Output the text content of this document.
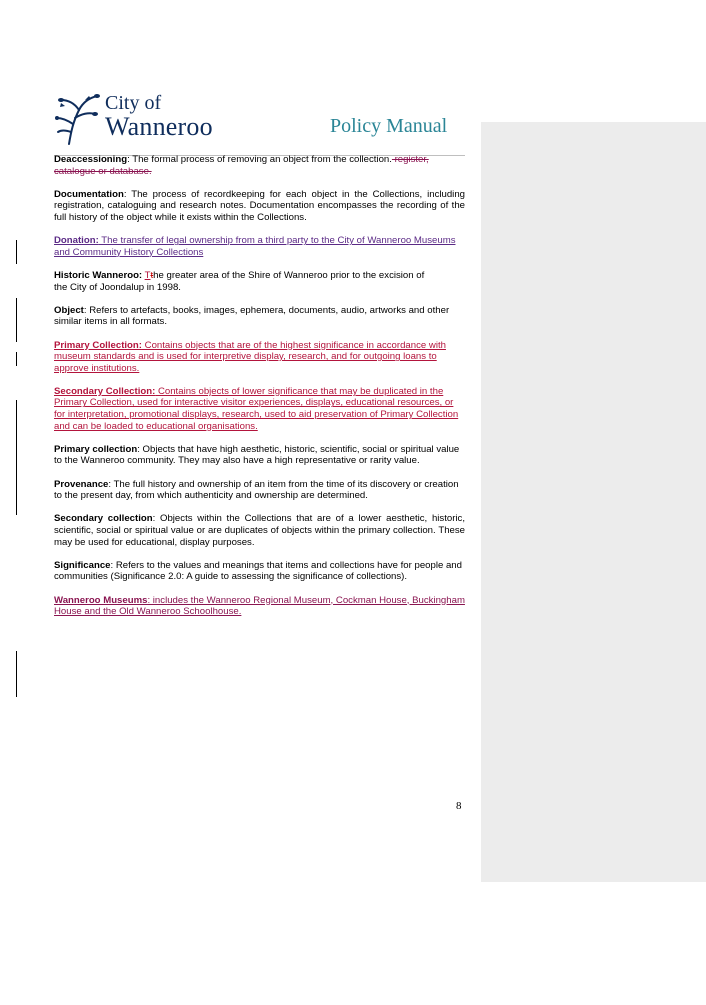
City of
Wanneroo	Policy Manual

Deaccessioning: The formal process of removing an object from the collection. register, catalogue or database.

Documentation: The process of recordkeeping for each object in the Collections, including registration, cataloguing and research notes. Documentation encompasses the recording of the full history of the object while it exists within the Collections.

Donation: The transfer of legal ownership from a third party to the City of Wanneroo Museums and Community History Collections

Historic Wanneroo: Tthe greater area of the Shire of Wanneroo prior to the excision of the City of Joondalup in 1998.

Object: Refers to artefacts, books, images, ephemera, documents, audio, artworks and other similar items in all formats.

Primary Collection: Contains objects that are of the highest significance in accordance with museum standards and is used for interpretive display, research, and for outgoing loans to approve institutions.

Secondary Collection: Contains objects of lower significance that may be duplicated in the Primary Collection, used for interactive visitor experiences, displays, educational resources, or for interpretation, promotional displays, research, used to aid preservation of Primary Collection and can be loaded to educational organisations.

Primary collection: Objects that have high aesthetic, historic, scientific, social or spiritual value to the Wanneroo community. They may also have a high representative or rarity value.

Provenance: The full history and ownership of an item from the time of its discovery or creation to the present day, from which authenticity and ownership are determined.

Secondary collection: Objects within the Collections that are of a lower aesthetic, historic, scientific, social or spiritual value or are duplicates of objects within the primary collection. These may be used for educational, display purposes.

Significance: Refers to the values and meanings that items and collections have for people and communities (Significance 2.0: A guide to assessing the significance of collections).

Wanneroo Museums: includes the Wanneroo Regional Museum, Cockman House, Buckingham House and the Old Wanneroo Schoolhouse.

8
